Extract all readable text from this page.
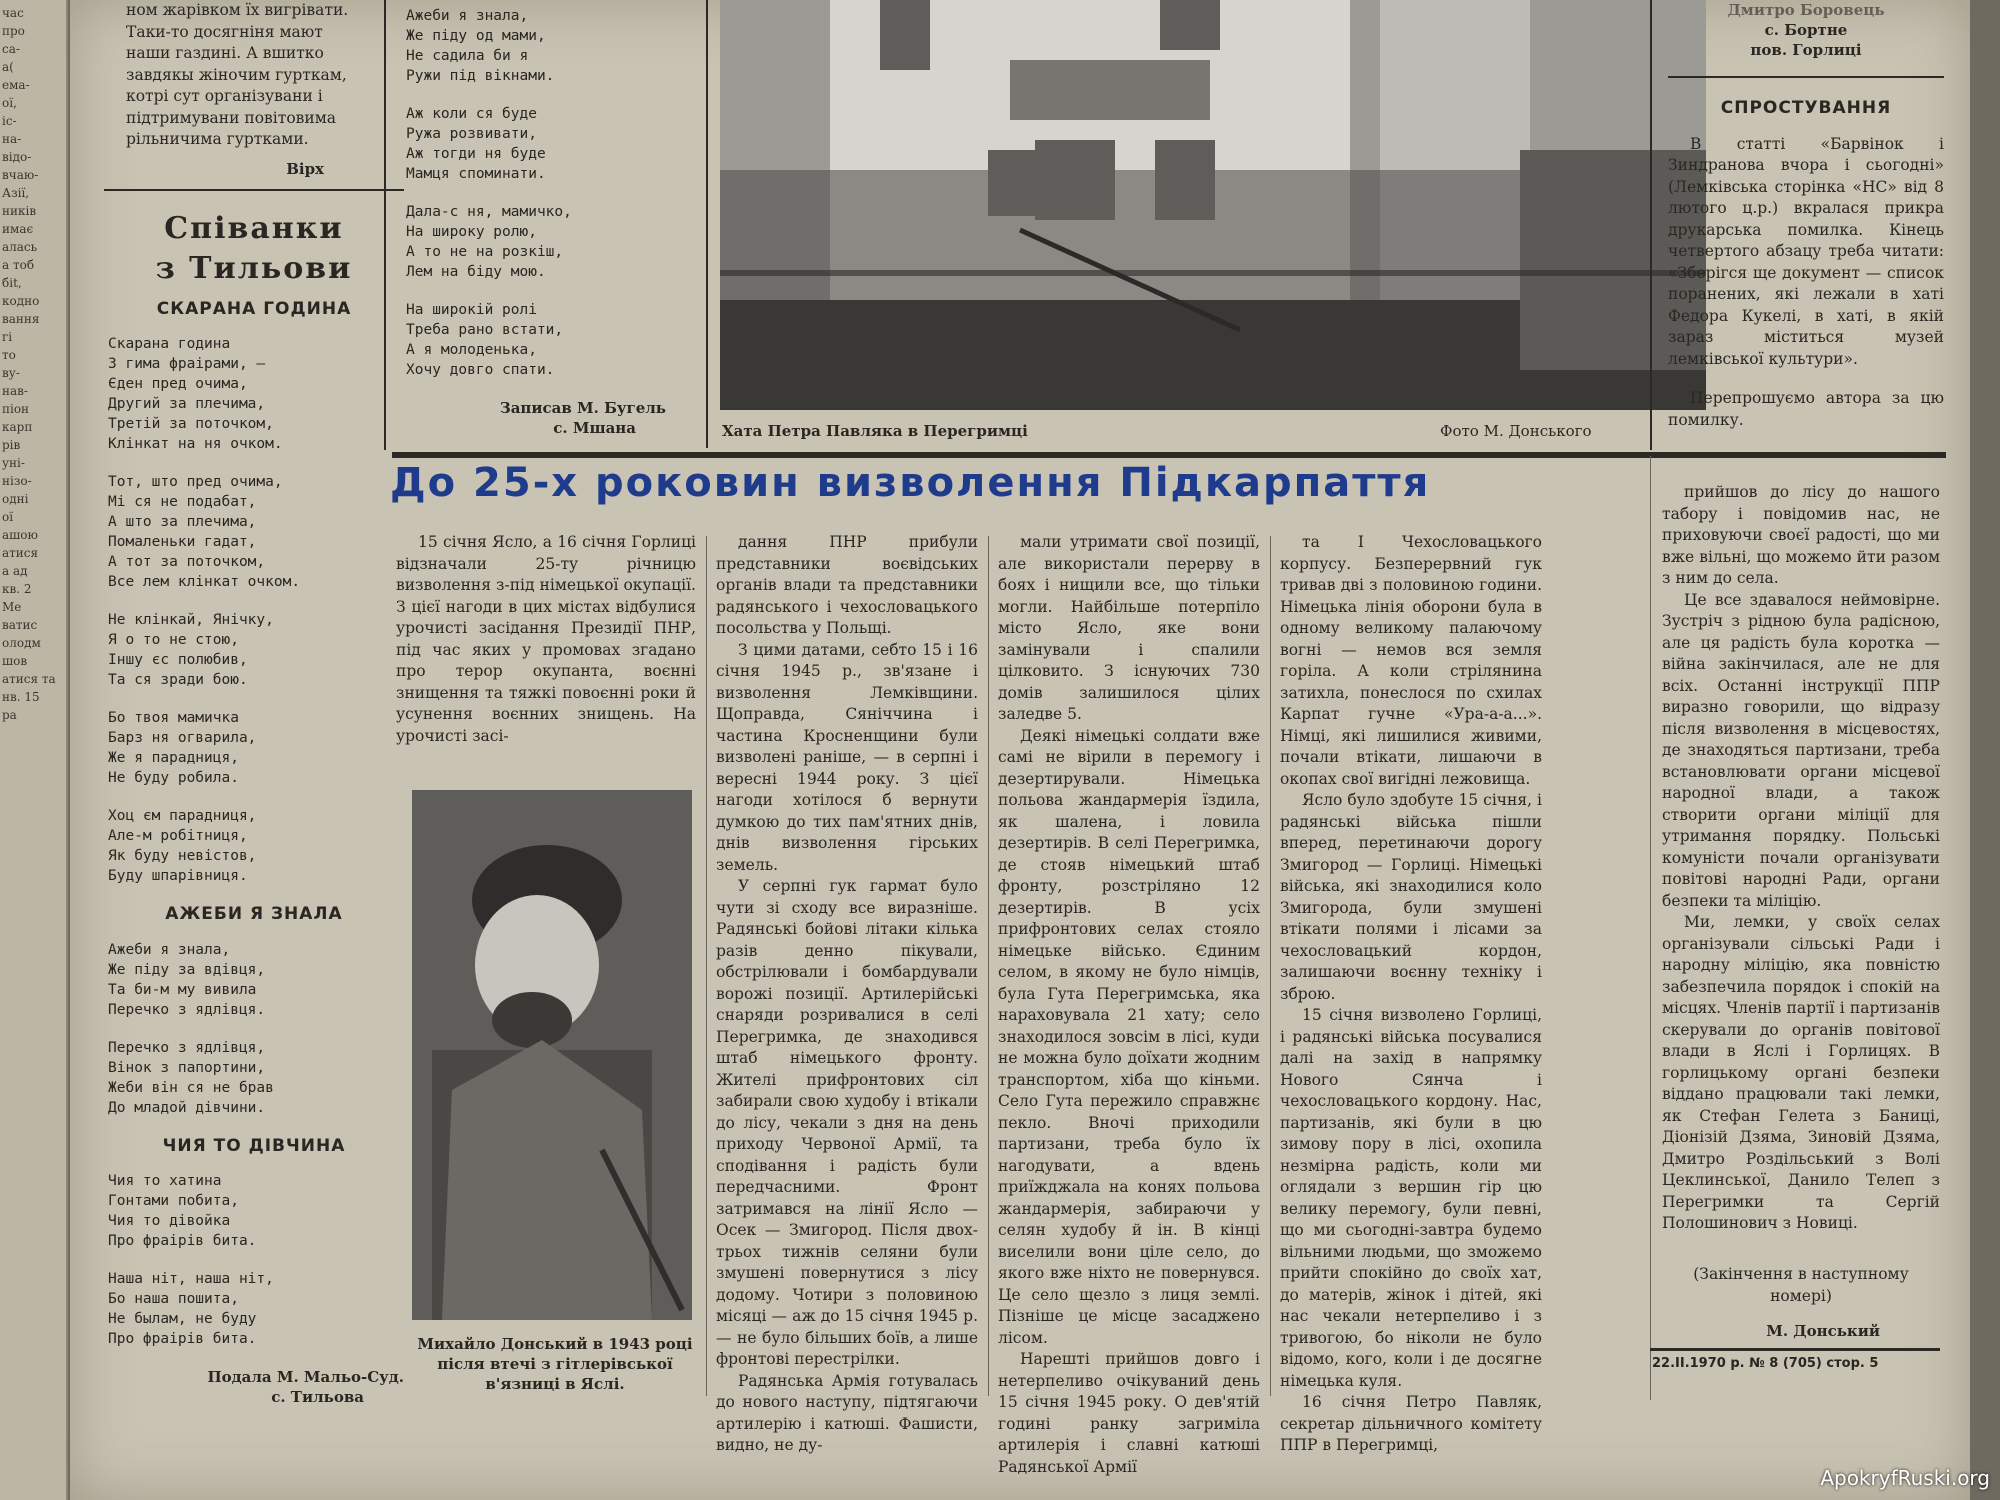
час

про

са-

а(

ема-

ої,

іс-

на-

відо-

вчаю-

Азії,

ників

имає

алась

а тоб

бit,

кодно

вання

гі

то

ву-

нав-

піон

карп

рів

уні-

нізо-

одні

ої

ашою

атися

а ад

кв. 2

Ме

ватис

олодм

шов

атися та

нв. 15

ра

ном жарівком їх вигрівати.

Таки-то досягнiня мают

наши газдині. А вшитко

завдякы жіночим гурткам,

котрі сут організувани і

підтримувани повітовима

рільничима гуртками.

Вірх
Співанки
з Тильови
СКАРАНА ГОДИНА

Скарана година

З гима фраірами, —

Єден пред очима,

Другий за плечима,

Третій за поточком,

Клінкат на ня очком.

Тот, што пред очима,

Мі ся не подабат,

А што за плечима,

Помаленьки гадат,

А тот за поточком,

Все лем клінкат очком.

Не клінкай, Янічку,

Я о то не стою,

Іншу єс полюбив,

Та ся зради бою.

Бо твоя мамичка

Барз ня огварила,

Же я парадниця,

Не буду робила.

Хоц єм парадниця,

Але-м робітниця,

Як буду невістов,

Буду шпарівниця.

АЖЕБИ Я ЗНАЛА

Ажеби я знала,

Же піду за вдівця,

Та би-м му вивила

Перечко з ядлівця.

Перечко з ядлівця,

Вінок з папортини,

Жеби він ся не брав

До младой дівчини.

ЧИЯ ТО ДІВЧИНА

Чия то хатина

Гонтами побита,

Чия то дівойка

Про фраірів бита.

Наша ніт, наша ніт,

Бо наша пошита,

Не былам, не буду

Про фраірів бита.

Подала М. Мальо-Суд.
с. Тильова

Ажеби я знала,

Же піду од мами,

Не садила би я

Ружи під вікнами.

Аж коли ся буде

Ружа розвивати,

Аж тогди ня буде

Мамця споминати.

Дала-с ня, мамичко,

На широку ролю,

А то не на розкіш,

Лем на біду мою.

На широкій ролі

Треба рано встати,

А я молоденька,

Хочу довго спати.

Записав М. Бугель
с. Мшана	Хата Петра Павляка в Перегримці	Фото М. Донського
Дмитро Боровець
с. Бортне
пов. Горлиці
СПРОСТУВАННЯ

В статті «Барвінок і Зиндранова вчора і сьогодні» (Лемківська сторінка «НС» від 8 лютого ц.р.) вкралася прикра друкарська помилка. Кінець четвертого абзацу треба читати: «Зберігся ще документ — список поранених, які лежали в хаті Федора Кукелі, в хаті, в якій зараз міститься музей лемківської культури».

Перепрошуємо автора за цю помилку.

До 25-х роковин визволення Підкарпаття

15 січня Ясло, а 16 січня Горлиці відзначали 25-ту річницю визволення з-під німецької окупації. З цієї нагоди в цих містах відбулися урочисті засідання Президії ПНР, під час яких у промовах згадано про терор окупанта, воєнні знищення та тяжкі повоєнні роки й усунення воєнних знищень. На урочисті засі-

Михайло Донський в 1943 році після втечі з гітлерівської в'язниці в Яслі.

дання ПНР прибули представники воєвідських органів влади та представники радянського і чехословацького посольства у Польщі.

З цими датами, себто 15 і 16 січня 1945 р., зв'язане і визволення Лемківщини. Щоправда, Сяніччина і частина Кросненщини були визволені раніше, — в серпні і вересні 1944 року. З цієї нагоди хотілося б вернути думкою до тих пам'ятних днів, днів визволення гірських земель.

У серпні гук гармат було чути зі сходу все виразніше. Радянські бойові літаки кілька разів денно пікували, обстрілювали і бомбардували ворожі позиції. Артилерійські снаряди розривалися в селі Перегримка, де знаходився штаб німецького фронту. Жителі прифронтових сіл забирали свою худобу і втікали до лісу, чекали з дня на день приходу Червоної Армії, та сподівання і радість були передчасними. Фронт затримався на лінії Ясло — Осек — Змигород. Після двох-трьох тижнів селяни були змушені повернутися з лісу додому. Чотири з половиною місяці — аж до 15 січня 1945 р. — не було більших боїв, а лише фронтові перестрілки.

Радянська Армія готувалась до нового наступу, підтягаючи артилерію і катюші. Фашисти, видно, не ду-

мали утримати свої позиції, але використали перерву в боях і нищили все, що тільки могли. Найбільше потерпіло місто Ясло, яке вони замінували і спалили цілковито. З існуючих 730 домів залишилося цілих заледве 5.

Деякі німецькі солдати вже самі не вірили в перемогу і дезертирували. Німецька польова жандармерія їздила, як шалена, і ловила дезертирів. В селі Перегримка, де стояв німецький штаб фронту, розстріляно 12 дезертирів. В усіх прифронтових селах стояло німецьке військо. Єдиним селом, в якому не було німців, була Гута Перегримська, яка нараховувала 21 хату; село знаходилося зовсім в лісі, куди не можна було доїхати жодним транспортом, хіба що кіньми. Село Гута пережило справжнє пекло. Вночі приходили партизани, треба було їх нагодувати, а вдень приїжджала на конях польова жандармерія, забираючи у селян худобу й ін. В кінці виселили вони ціле село, до якого вже ніхто не повернувся. Це село щезло з лиця землі. Пізніше це місце засаджено лісом.

Нарешті прийшов довго і нетерпеливо очікуваний день 15 січня 1945 року. О дев'ятій годині ранку загриміла артилерія і славні катюші Радянської Армії

та І Чехословацького корпусу. Безперервний гук тривав дві з половиною години. Німецька лінія оборони була в одному великому палаючому вогні — немов вся земля горіла. А коли стрілянина затихла, понеслося по схилах Карпат гучне «Ура-а-а...». Німці, які лишилися живими, почали втікати, лишаючи в окопах свої вигідні лежовища.

Ясло було здобуте 15 січня, і радянські війська пішли вперед, перетинаючи дорогу Змигород — Горлиці. Німецькі війська, які знаходилися коло Змигорода, були змушені втікати полями і лісами за чехословацький кордон, залишаючи воєнну техніку і зброю.

15 січня визволено Горлиці, і радянські війська посувалися далі на захід в напрямку Нового Сянча і чехословацького кордону. Нас, партизанів, які були в цю зимову пору в лісі, охопила незмірна радість, коли ми оглядали з вершин гір цю велику перемогу, були певні, що ми сьогодні-завтра будемо вільними людьми, що зможемо прийти спокійно до своїх хат, до матерів, жінок і дітей, які нас чекали нетерпеливо і з тривогою, бо ніколи не було відомо, кого, коли і де досягне німецька куля.

16 січня Петро Павляк, секретар дільничного комітету ППР в Перегримці,

прийшов до лісу до нашого табору і повідомив нас, не приховуючи своєї радості, що ми вже вільні, що можемо йти разом з ним до села.

Це все здавалося неймовірне. Зустріч з рідною була радісною, але ця радість була коротка — війна закінчилася, але не для всіх. Останні інструкції ППР виразно говорили, що відразу після визволення в місцевостях, де знаходяться партизани, треба встановлювати органи місцевої народної влади, а також створити органи міліції для утримання порядку. Польські комуністи почали організувати повітові народні Ради, органи безпеки та міліцію.

Ми, лемки, у своїх селах організували сільські Ради і народну міліцію, яка повністю забезпечила порядок і спокій на місцях. Членів партії і партизанів скерували до органів повітової влади в Яслі і Горлицях. В горлицькому органі безпеки віддано працювали такі лемки, як Стефан Гелета з Баниці, Діонізій Дзяма, Зиновій Дзяма, Дмитро Роздільський з Волі Цеклинської, Данило Телеп з Перегримки та Сергій Полошинович з Новиці.

(Закінчення в наступному номері)
М. Донський
22.II.1970 р. № 8 (705) стор. 5
ApokryfRuski.org
